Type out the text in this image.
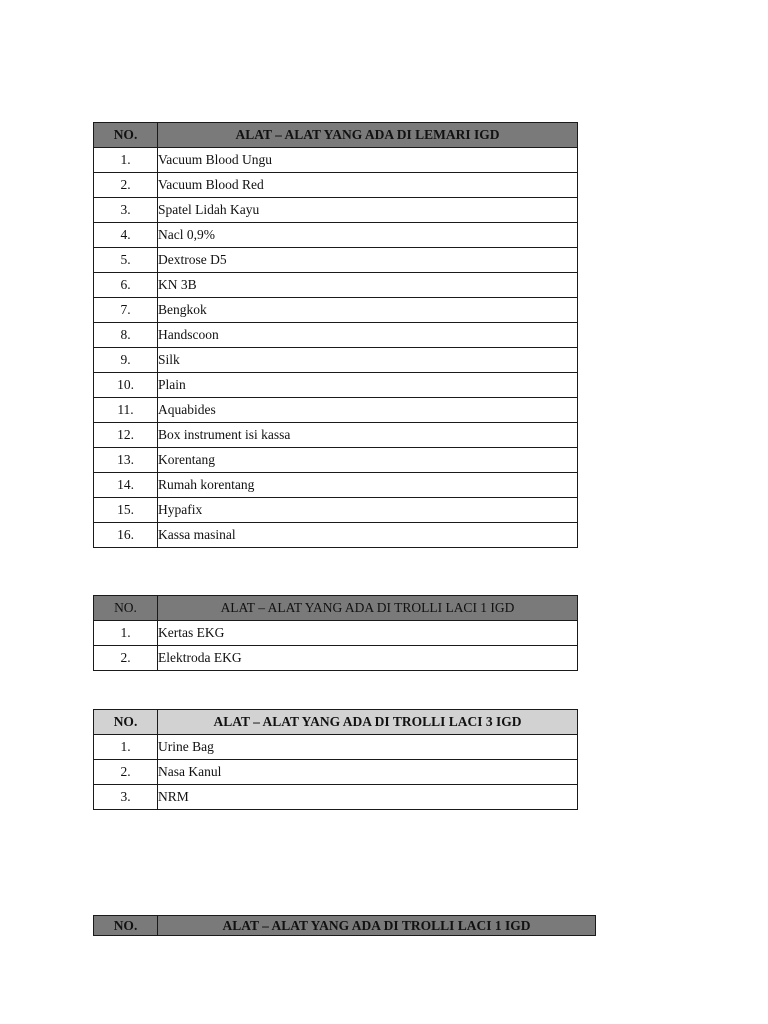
NO.	ALAT – ALAT YANG ADA DI LEMARI IGD
1.	Vacuum Blood Ungu
2.	Vacuum Blood Red
3.	Spatel Lidah Kayu
4.	Nacl 0,9%
5.	Dextrose D5
6.	KN 3B
7.	Bengkok
8.	Handscoon
9.	Silk
10.	Plain
11.	Aquabides
12.	Box instrument isi kassa
13.	Korentang
14.	Rumah korentang
15.	Hypafix
16.	Kassa masinal
NO.	ALAT – ALAT YANG ADA DI TROLLI LACI 1 IGD
1.	Kertas EKG
2.	Elektroda EKG
NO.	ALAT – ALAT YANG ADA DI TROLLI LACI 3 IGD
1.	Urine Bag
2.	Nasa Kanul
3.	NRM
NO.	ALAT – ALAT YANG ADA DI TROLLI LACI 1 IGD
